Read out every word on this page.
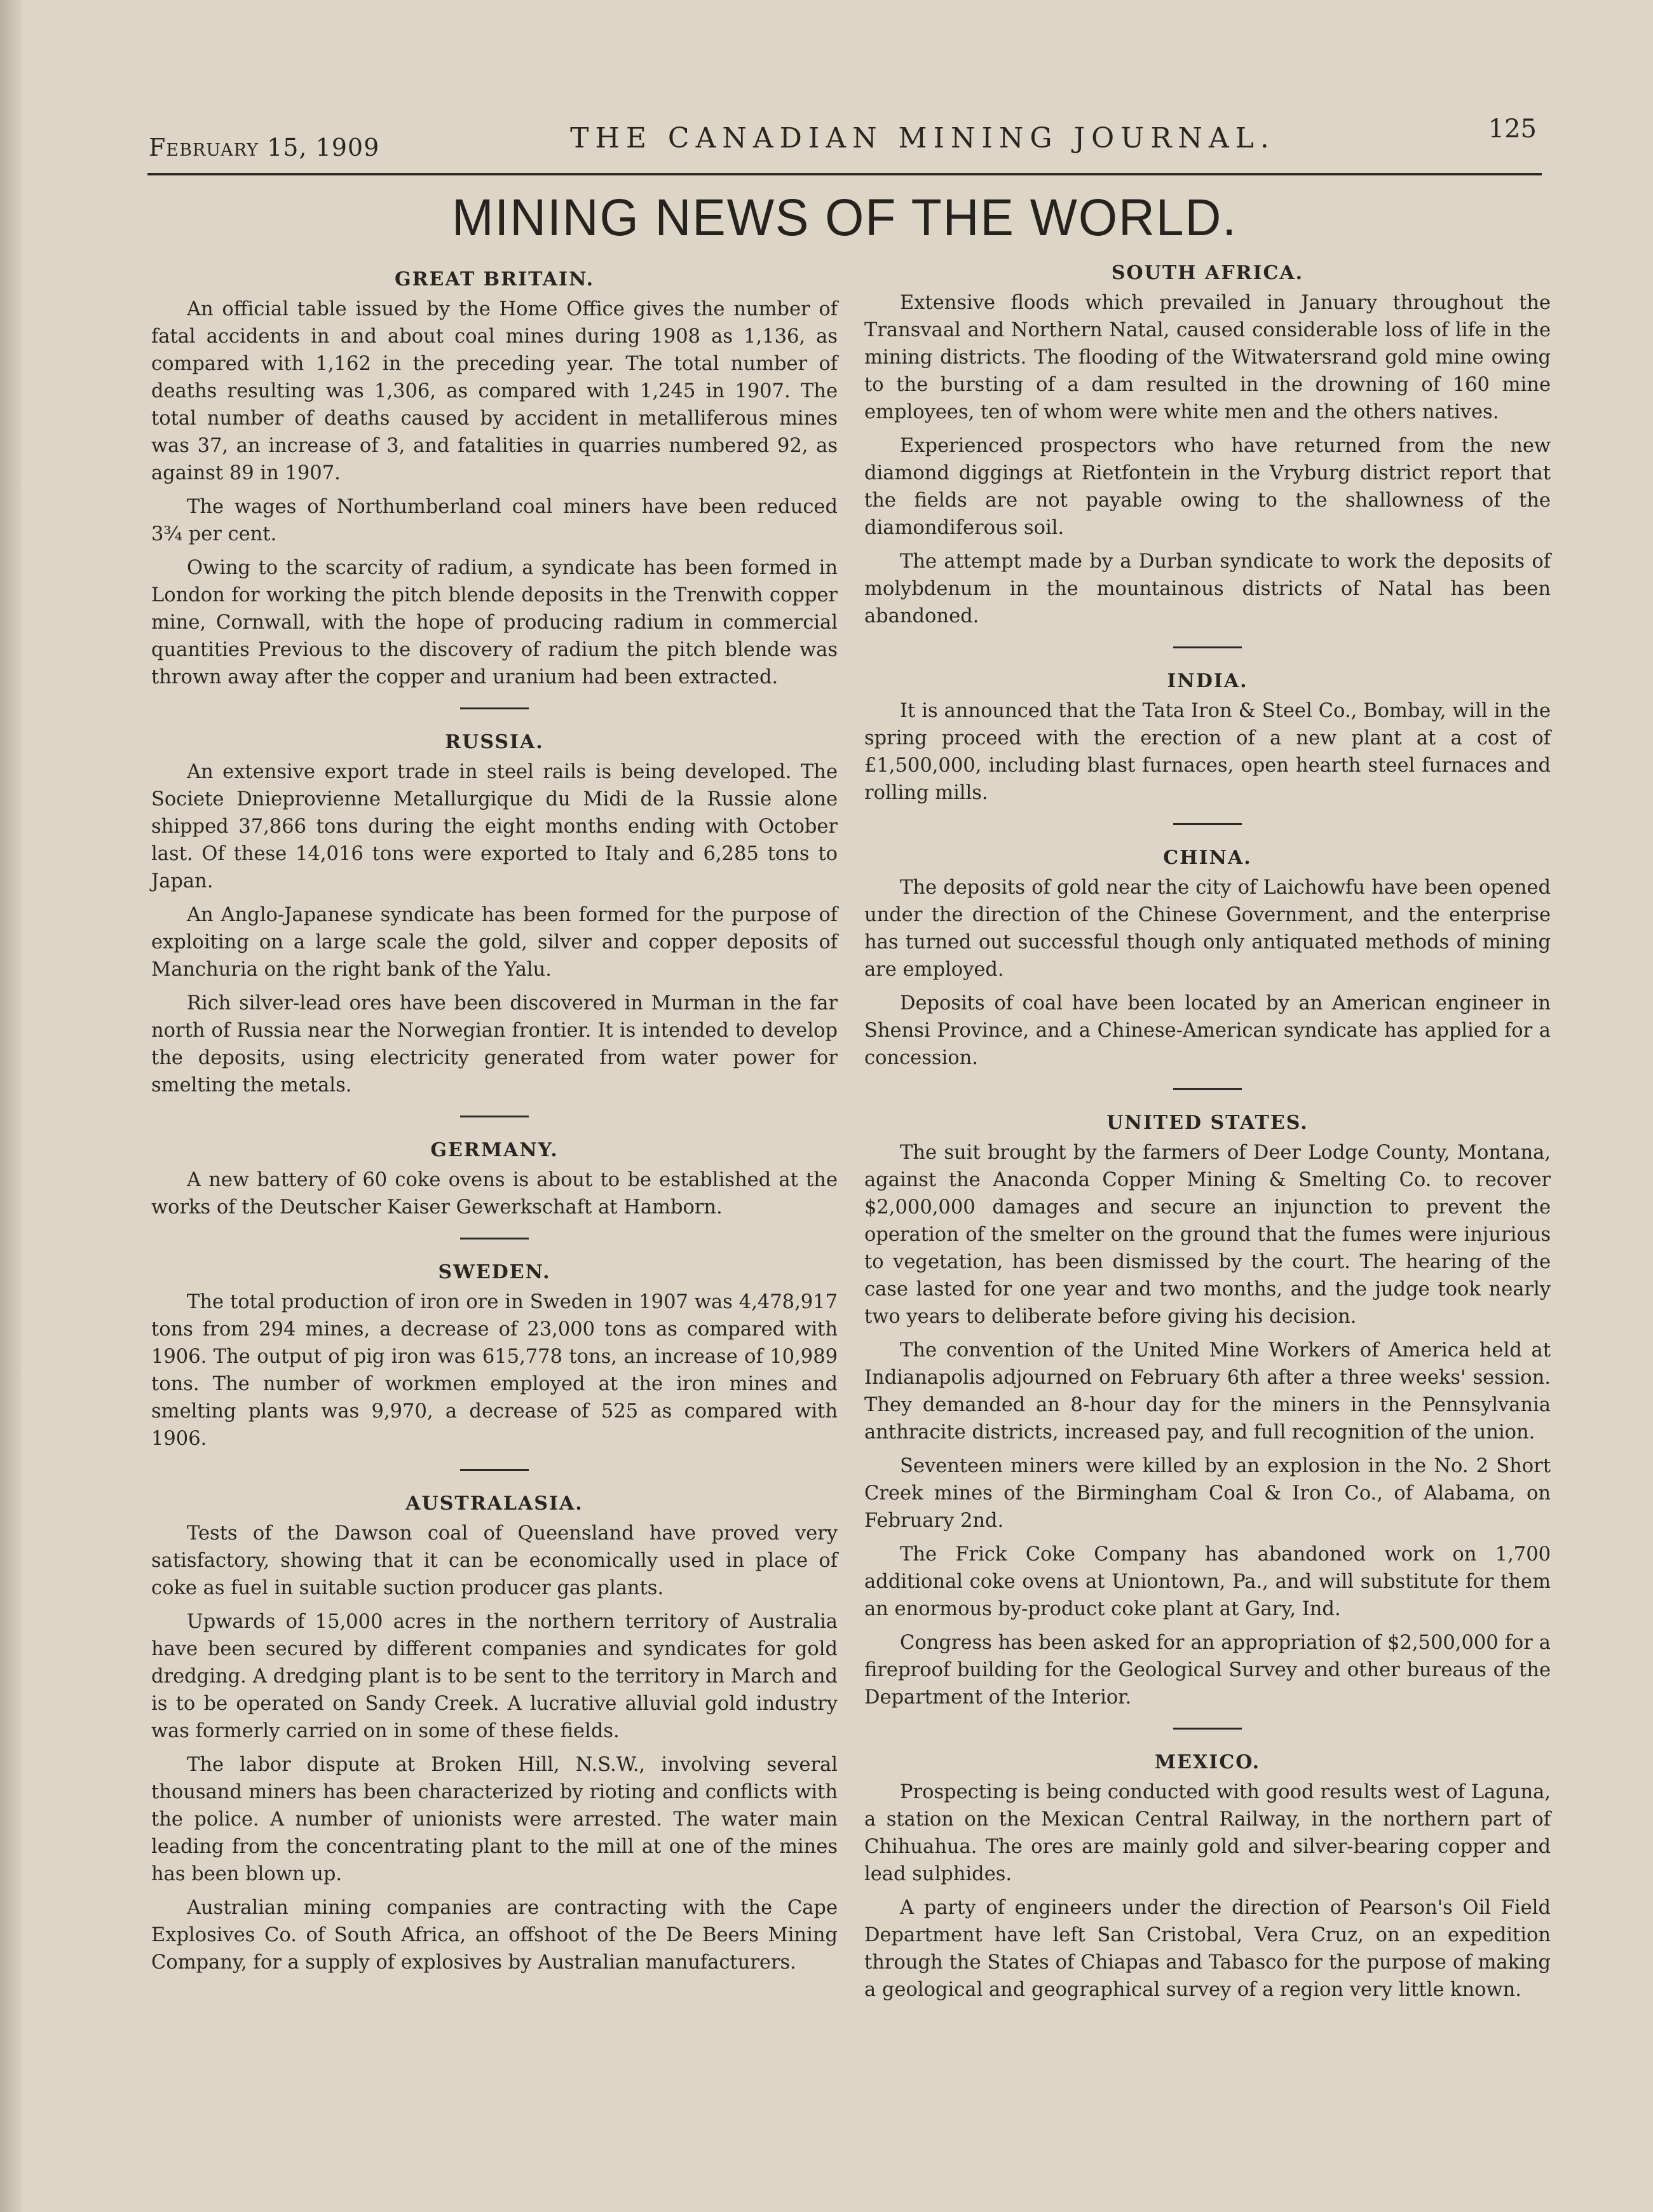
February 15, 1909	THE CANADIAN MINING JOURNAL.	125
MINING NEWS OF THE WORLD.
GREAT BRITAIN.

An official table issued by the Home Office gives the number of fatal accidents in and about coal mines during 1908 as 1,136, as compared with 1,162 in the preceding year. The total number of deaths resulting was 1,306, as compared with 1,245 in 1907. The total number of deaths caused by accident in metalliferous mines was 37, an increase of 3, and fatalities in quarries numbered 92, as against 89 in 1907.

The wages of Northumberland coal miners have been reduced 3¾ per cent.

Owing to the scarcity of radium, a syndicate has been formed in London for working the pitch blende deposits in the Trenwith copper mine, Cornwall, with the hope of producing radium in commercial quantities Previous to the discovery of radium the pitch blende was thrown away after the copper and uranium had been extracted.

RUSSIA.

An extensive export trade in steel rails is being developed. The Societe Dnieprovienne Metallurgique du Midi de la Russie alone shipped 37,866 tons during the eight months ending with October last. Of these 14,016 tons were exported to Italy and 6,285 tons to Japan.

An Anglo-Japanese syndicate has been formed for the purpose of exploiting on a large scale the gold, silver and copper deposits of Manchuria on the right bank of the Yalu.

Rich silver-lead ores have been discovered in Murman in the far north of Russia near the Norwegian frontier. It is intended to develop the deposits, using electricity generated from water power for smelting the metals.

GERMANY.

A new battery of 60 coke ovens is about to be established at the works of the Deutscher Kaiser Gewerkschaft at Hamborn.

SWEDEN.

The total production of iron ore in Sweden in 1907 was 4,478,917 tons from 294 mines, a decrease of 23,000 tons as compared with 1906. The output of pig iron was 615,778 tons, an increase of 10,989 tons. The number of workmen employed at the iron mines and smelting plants was 9,970, a decrease of 525 as compared with 1906.

AUSTRALASIA.

Tests of the Dawson coal of Queensland have proved very satisfactory, showing that it can be economically used in place of coke as fuel in suitable suction producer gas plants.

Upwards of 15,000 acres in the northern territory of Australia have been secured by different companies and syndicates for gold dredging. A dredging plant is to be sent to the territory in March and is to be operated on Sandy Creek. A lucrative alluvial gold industry was formerly carried on in some of these fields.

The labor dispute at Broken Hill, N.S.W., involving several thousand miners has been characterized by rioting and conflicts with the police. A number of unionists were arrested. The water main leading from the concentrating plant to the mill at one of the mines has been blown up.

Australian mining companies are contracting with the Cape Explosives Co. of South Africa, an offshoot of the De Beers Mining Company, for a supply of explosives by Australian manufacturers.

SOUTH AFRICA.

Extensive floods which prevailed in January throughout the Transvaal and Northern Natal, caused considerable loss of life in the mining districts. The flooding of the Witwatersrand gold mine owing to the bursting of a dam resulted in the drowning of 160 mine employees, ten of whom were white men and the others natives.

Experienced prospectors who have returned from the new diamond diggings at Rietfontein in the Vryburg district report that the fields are not payable owing to the shallowness of the diamondiferous soil.

The attempt made by a Durban syndicate to work the deposits of molybdenum in the mountainous districts of Natal has been abandoned.

INDIA.

It is announced that the Tata Iron & Steel Co., Bombay, will in the spring proceed with the erection of a new plant at a cost of £1,500,000, including blast furnaces, open hearth steel furnaces and rolling mills.

CHINA.

The deposits of gold near the city of Laichowfu have been opened under the direction of the Chinese Government, and the enterprise has turned out successful though only antiquated methods of mining are employed.

Deposits of coal have been located by an American engineer in Shensi Province, and a Chinese-American syndicate has applied for a concession.

UNITED STATES.

The suit brought by the farmers of Deer Lodge County, Montana, against the Anaconda Copper Mining & Smelting Co. to recover $2,000,000 damages and secure an injunction to prevent the operation of the smelter on the ground that the fumes were injurious to vegetation, has been dismissed by the court. The hearing of the case lasted for one year and two months, and the judge took nearly two years to deliberate before giving his decision.

The convention of the United Mine Workers of America held at Indianapolis adjourned on February 6th after a three weeks' session. They demanded an 8-hour day for the miners in the Pennsylvania anthracite districts, increased pay, and full recognition of the union.

Seventeen miners were killed by an explosion in the No. 2 Short Creek mines of the Birmingham Coal & Iron Co., of Alabama, on February 2nd.

The Frick Coke Company has abandoned work on 1,700 additional coke ovens at Uniontown, Pa., and will substitute for them an enormous by-product coke plant at Gary, Ind.

Congress has been asked for an appropriation of $2,500,000 for a fireproof building for the Geological Survey and other bureaus of the Department of the Interior.

MEXICO.

Prospecting is being conducted with good results west of Laguna, a station on the Mexican Central Railway, in the northern part of Chihuahua. The ores are mainly gold and silver-bearing copper and lead sulphides.

A party of engineers under the direction of Pearson's Oil Field Department have left San Cristobal, Vera Cruz, on an expedition through the States of Chiapas and Tabasco for the purpose of making a geological and geographical survey of a region very little known.
